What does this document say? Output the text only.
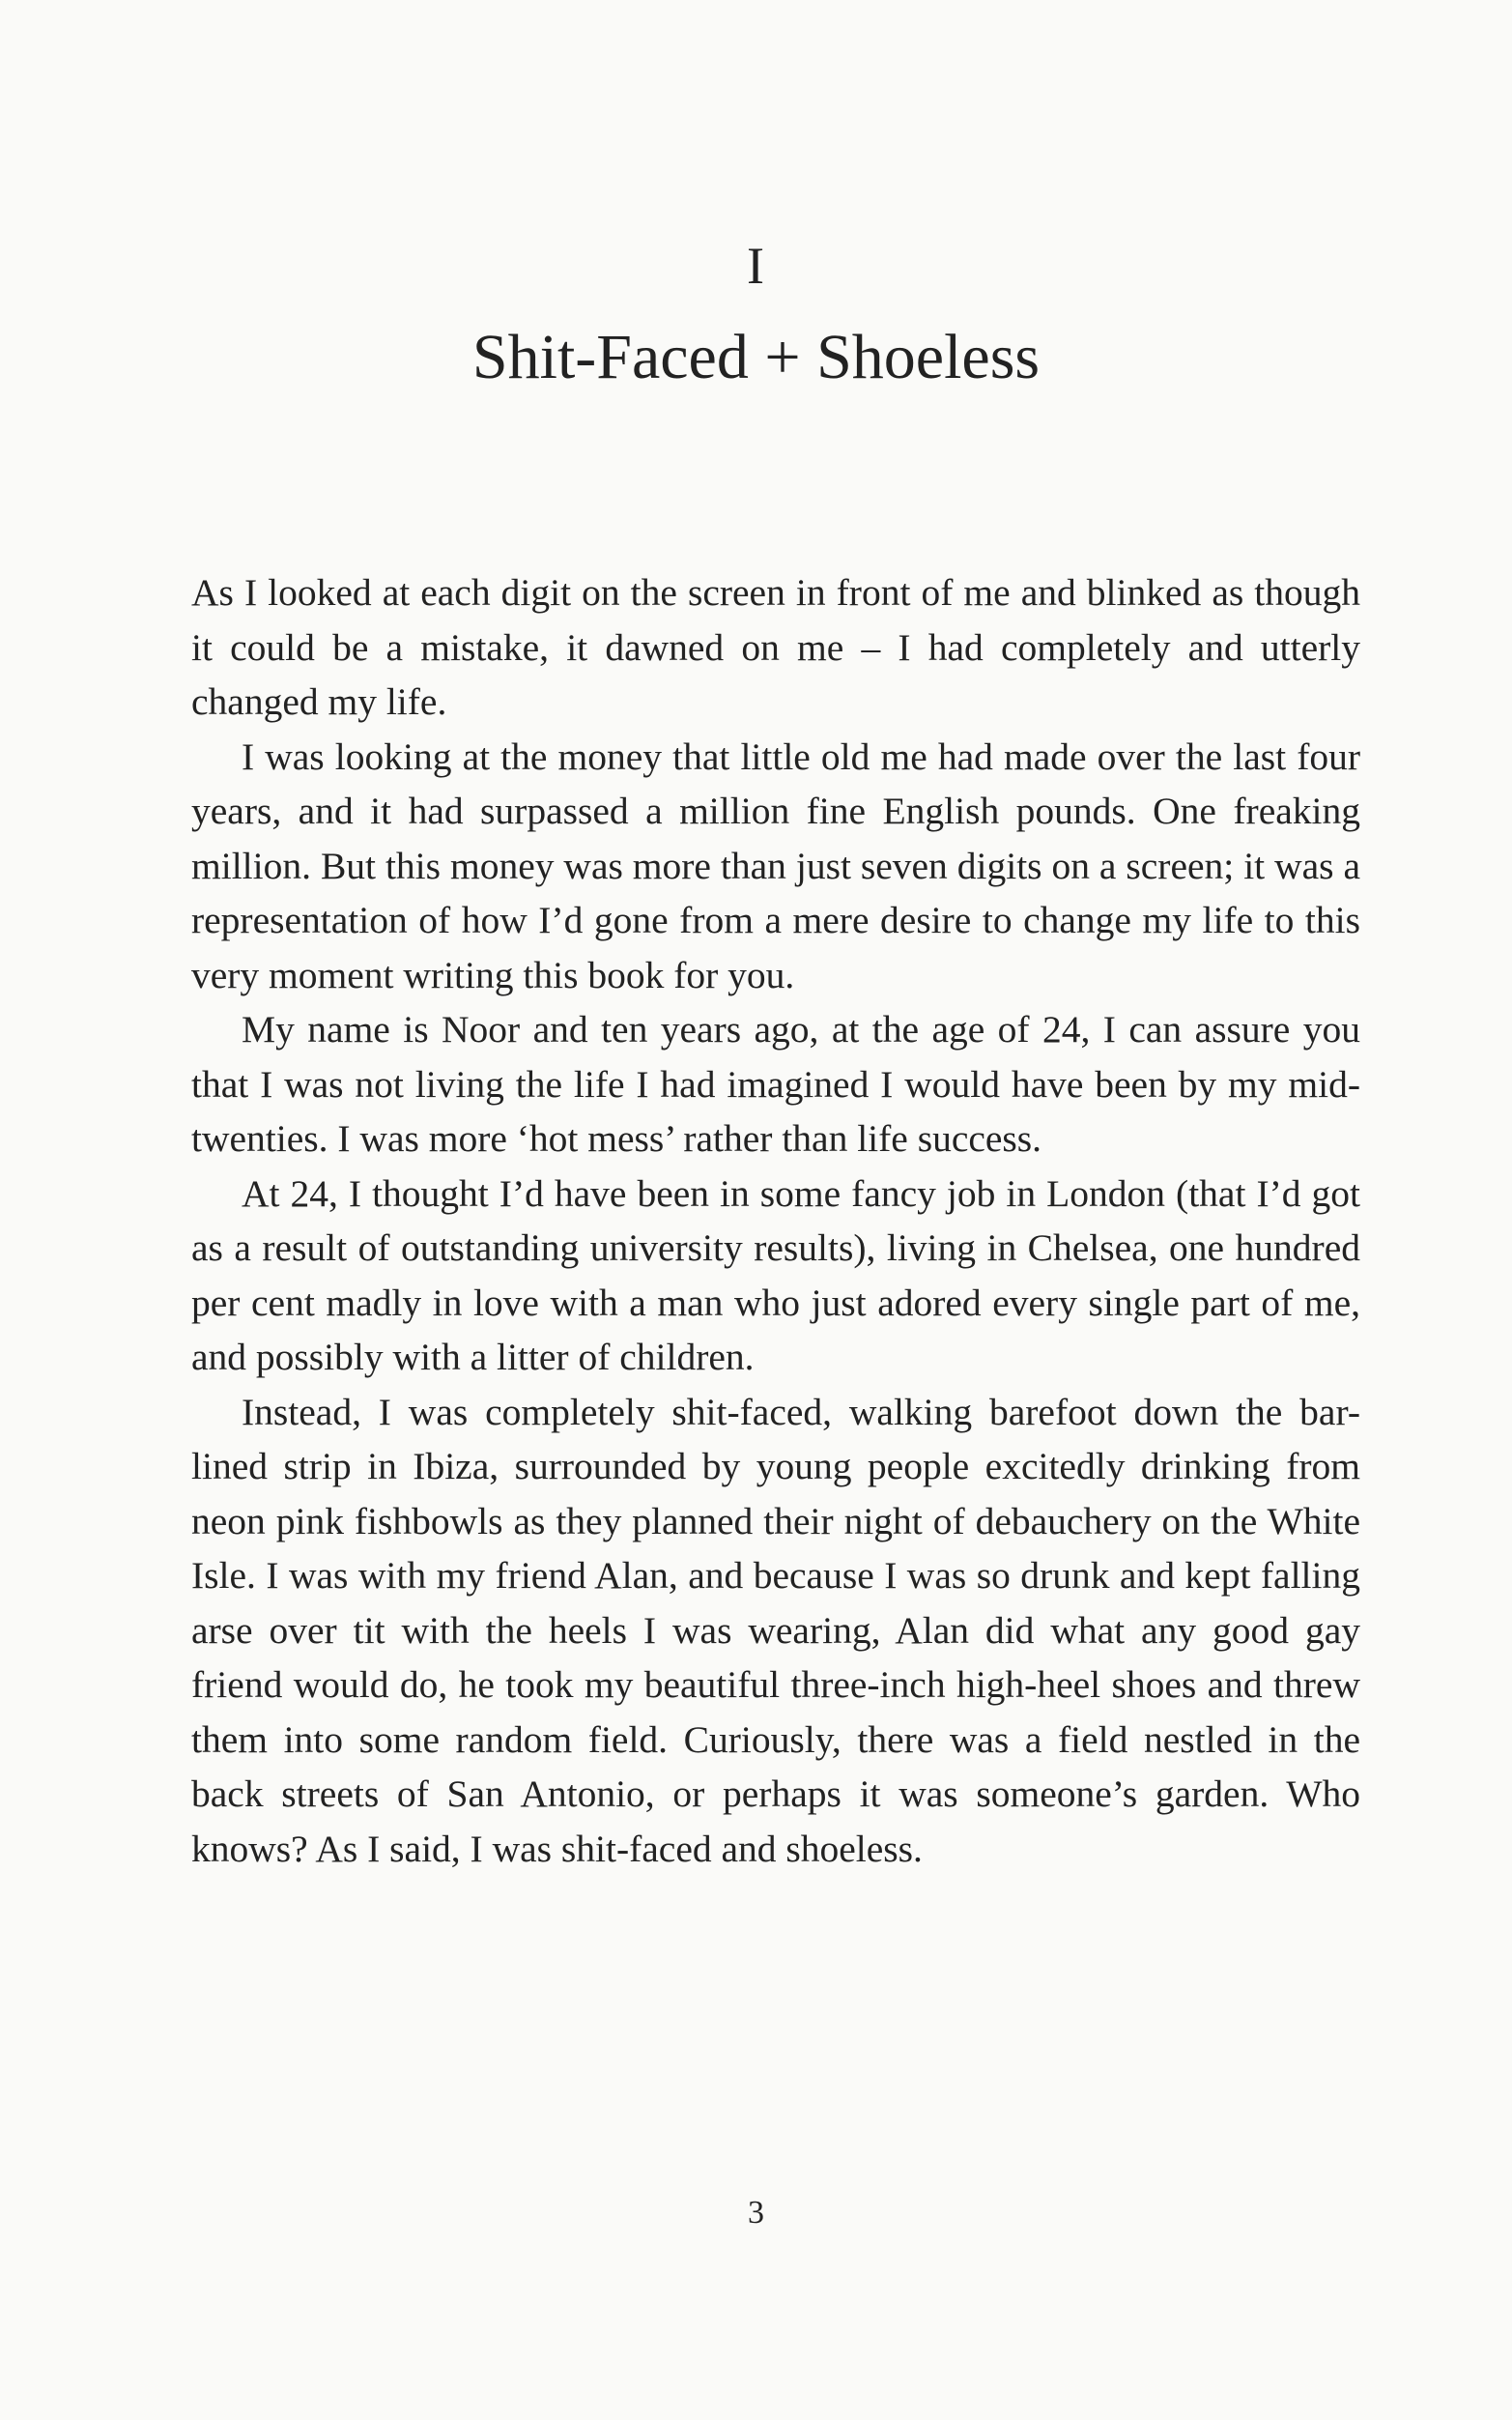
I
Shit-Faced + Shoeless

As I looked at each digit on the screen in front of me and blinked as though it could be a mistake, it dawned on me – I had completely and utterly changed my life.

I was looking at the money that little old me had made over the last four years, and it had surpassed a million fine English pounds. One freaking million. But this money was more than just seven digits on a screen; it was a representation of how I’d gone from a mere desire to change my life to this very moment writing this book for you.

My name is Noor and ten years ago, at the age of 24, I can assure you that I was not living the life I had imagined I would have been by my mid-twenties. I was more ‘hot mess’ rather than life success.

At 24, I thought I’d have been in some fancy job in London (that I’d got as a result of outstanding university results), living in Chelsea, one hundred per cent madly in love with a man who just adored every single part of me, and possibly with a litter of children.

Instead, I was completely shit-faced, walking barefoot down the bar-lined strip in Ibiza, surrounded by young people excitedly drinking from neon pink fishbowls as they planned their night of debauchery on the White Isle. I was with my friend Alan, and because I was so drunk and kept falling arse over tit with the heels I was wearing, Alan did what any good gay friend would do, he took my beautiful three-inch high-heel shoes and threw them into some random field. Curiously, there was a field nestled in the back streets of San Antonio, or perhaps it was someone’s garden. Who knows? As I said, I was shit-faced and shoeless.

3
